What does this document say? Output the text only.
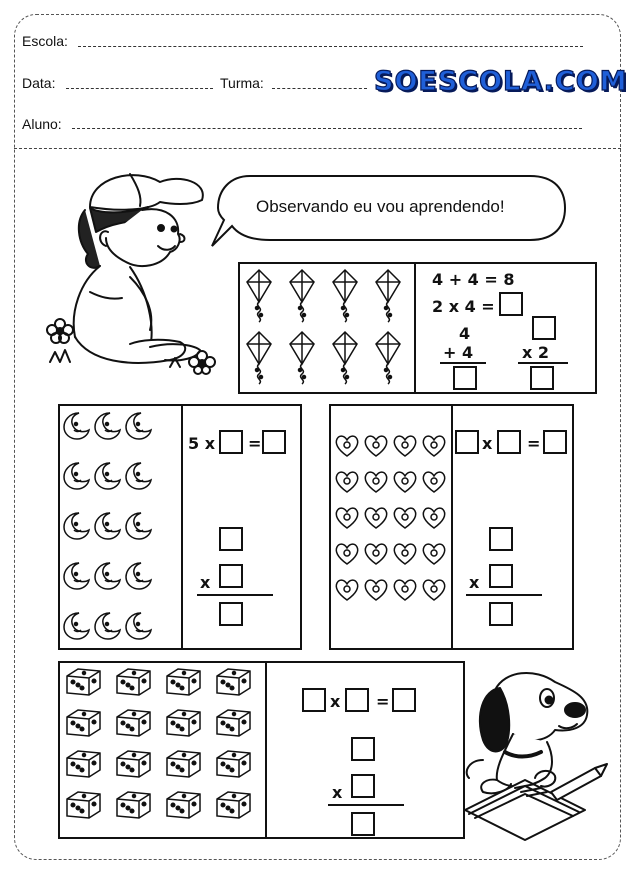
Escola:
Data:	Turma:	SOESCOLA.COM
Aluno:
Observando eu vou aprendendo!
4 + 4 = 8
2 x 4 =
4
+ 4	x 2
5 x =
x
x =
x
x =
x
